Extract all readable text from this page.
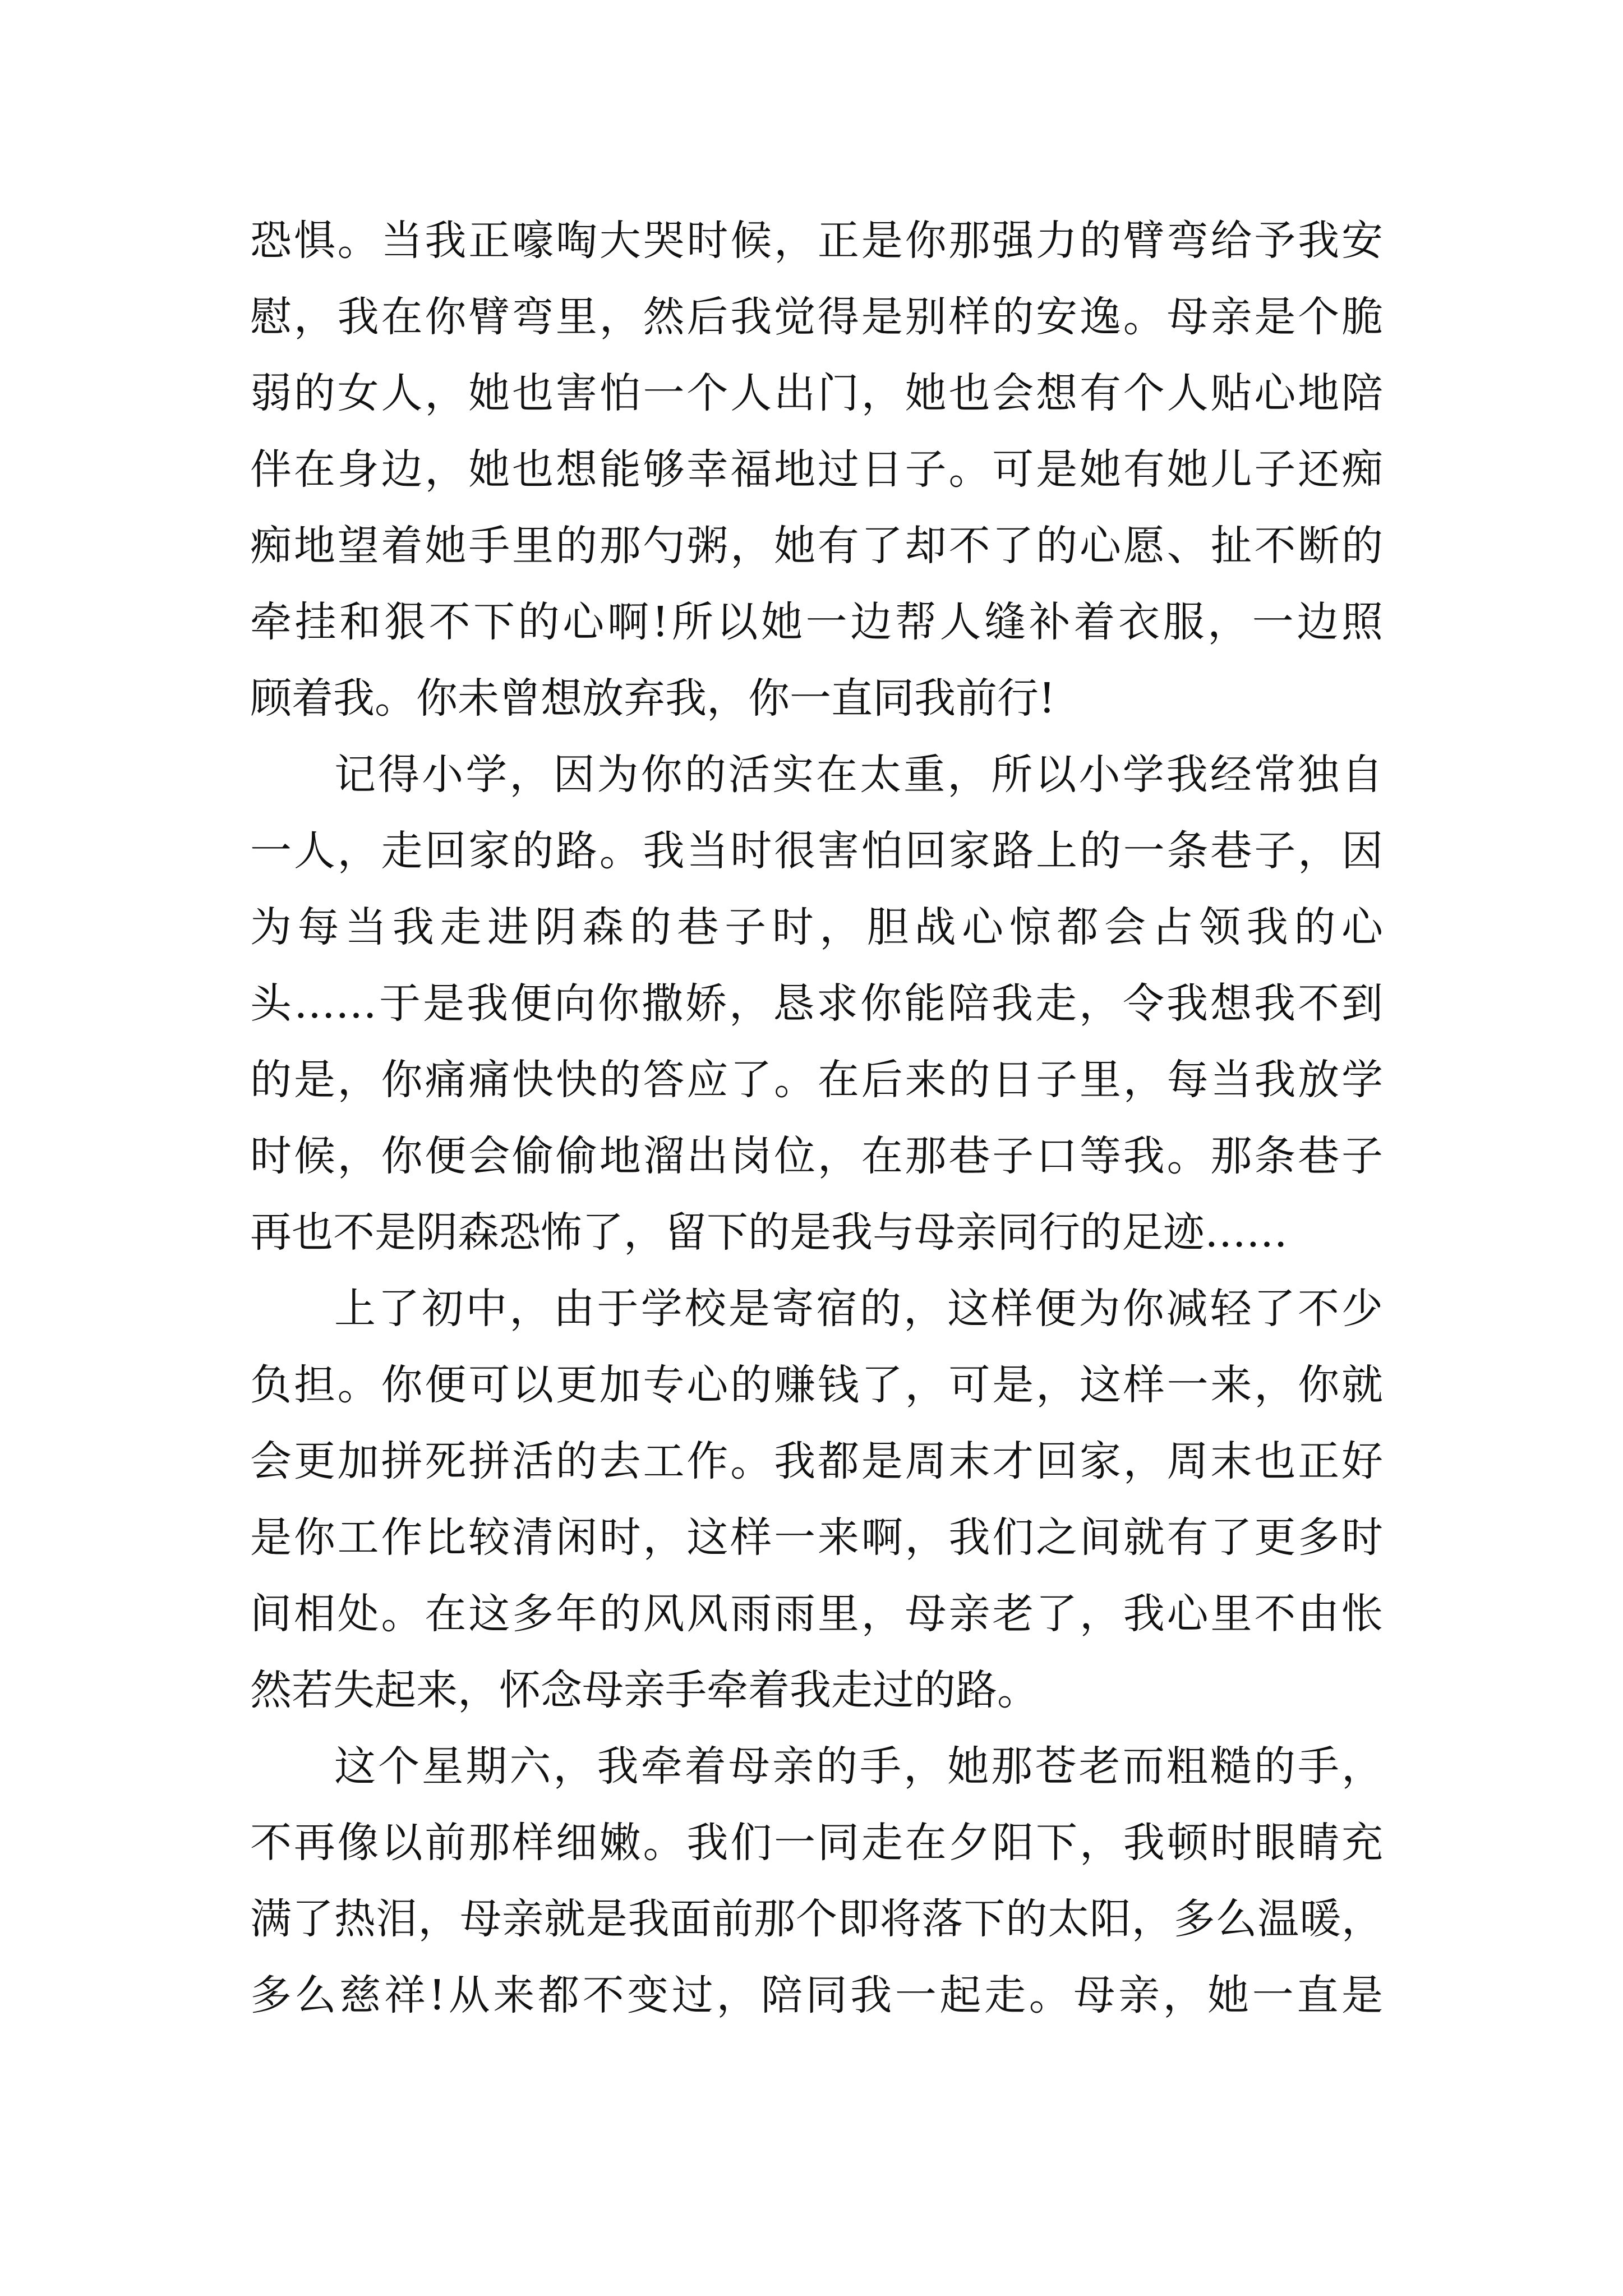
恐惧。当我正嚎啕大哭时候，正是你那强力的臂弯给予我安
慰，我在你臂弯里，然后我觉得是别样的安逸。母亲是个脆
弱的女人，她也害怕一个人出门，她也会想有个人贴心地陪
伴在身边，她也想能够幸福地过日子。可是她有她儿子还痴
痴地望着她手里的那勺粥，她有了却不了的心愿、扯不断的
牵挂和狠不下的心啊!所以她一边帮人缝补着衣服，一边照
顾着我。你未曾想放弃我，你一直同我前行!
记得小学，因为你的活实在太重，所以小学我经常独自
一人，走回家的路。我当时很害怕回家路上的一条巷子，因
为每当我走进阴森的巷子时，胆战心惊都会占领我的心
头……于是我便向你撒娇，恳求你能陪我走，令我想我不到
的是，你痛痛快快的答应了。在后来的日子里，每当我放学
时候，你便会偷偷地溜出岗位，在那巷子口等我。那条巷子
再也不是阴森恐怖了，留下的是我与母亲同行的足迹……
上了初中，由于学校是寄宿的，这样便为你减轻了不少
负担。你便可以更加专心的赚钱了，可是，这样一来，你就
会更加拼死拼活的去工作。我都是周末才回家，周末也正好
是你工作比较清闲时，这样一来啊，我们之间就有了更多时
间相处。在这多年的风风雨雨里，母亲老了，我心里不由怅
然若失起来，怀念母亲手牵着我走过的路。
这个星期六，我牵着母亲的手，她那苍老而粗糙的手，
不再像以前那样细嫩。我们一同走在夕阳下，我顿时眼睛充
满了热泪，母亲就是我面前那个即将落下的太阳，多么温暖，
多么慈祥!从来都不变过，陪同我一起走。母亲，她一直是
